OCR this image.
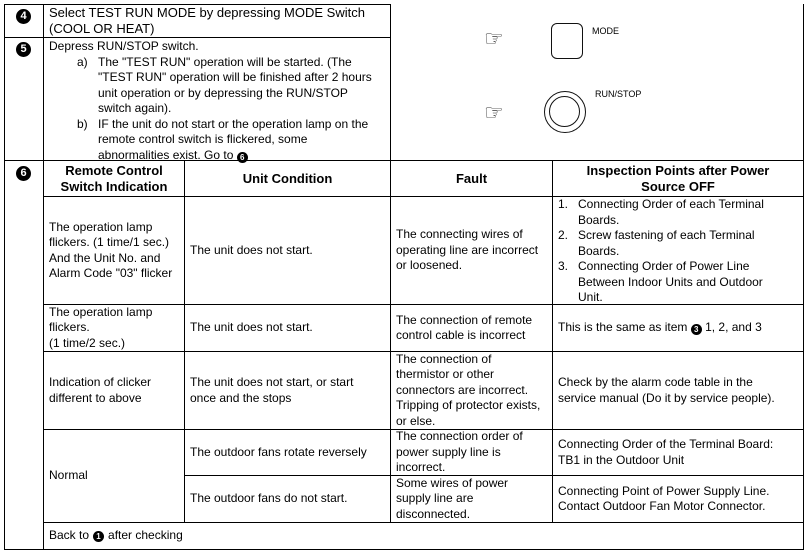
4
5
6
Select TEST RUN MODE by depressing MODE Switch
(COOL OR HEAT)
Depress RUN/STOP switch.
a) The "TEST RUN" operation will be started. (The
"TEST RUN" operation will be finished after 2 hours
unit operation or by depressing the RUN/STOP
switch again).
b) IF the unit do not start or the operation lamp on the
remote control switch is flickered, some
abnormalities exist. Go to 6
☞	MODE
☞
RUN/STOP
Remote Control
Switch Indication
Unit Condition	Fault
Inspection Points after Power
Source OFF
The operation lamp
flickers. (1 time/1 sec.)
And the Unit No. and
Alarm Code "03" flicker
The unit does not start.
The connecting wires of
operating line are incorrect
or loosened.
1. Connecting Order of each Terminal
Boards.
2. Screw fastening of each Terminal
Boards.
3. Connecting Order of Power Line
Between Indoor Units and Outdoor
Unit.
The operation lamp
flickers.
(1 time/2 sec.)
The unit does not start.
The connection of remote
control cable is incorrect
This is the same as item 3 1, 2, and 3
Indication of clicker
different to above
The unit does not start, or start
once and the stops
The connection of
thermistor or other
connectors are incorrect.
Tripping of protector exists,
or else.
Check by the alarm code table in the
service manual (Do it by service people).
Normal
The outdoor fans rotate reversely
The connection order of
power supply line is
incorrect.
Connecting Order of the Terminal Board:
TB1 in the Outdoor Unit
The outdoor fans do not start.
Some wires of power
supply line are
disconnected.
Connecting Point of Power Supply Line.
Contact Outdoor Fan Motor Connector.
Back to 1 after checking
